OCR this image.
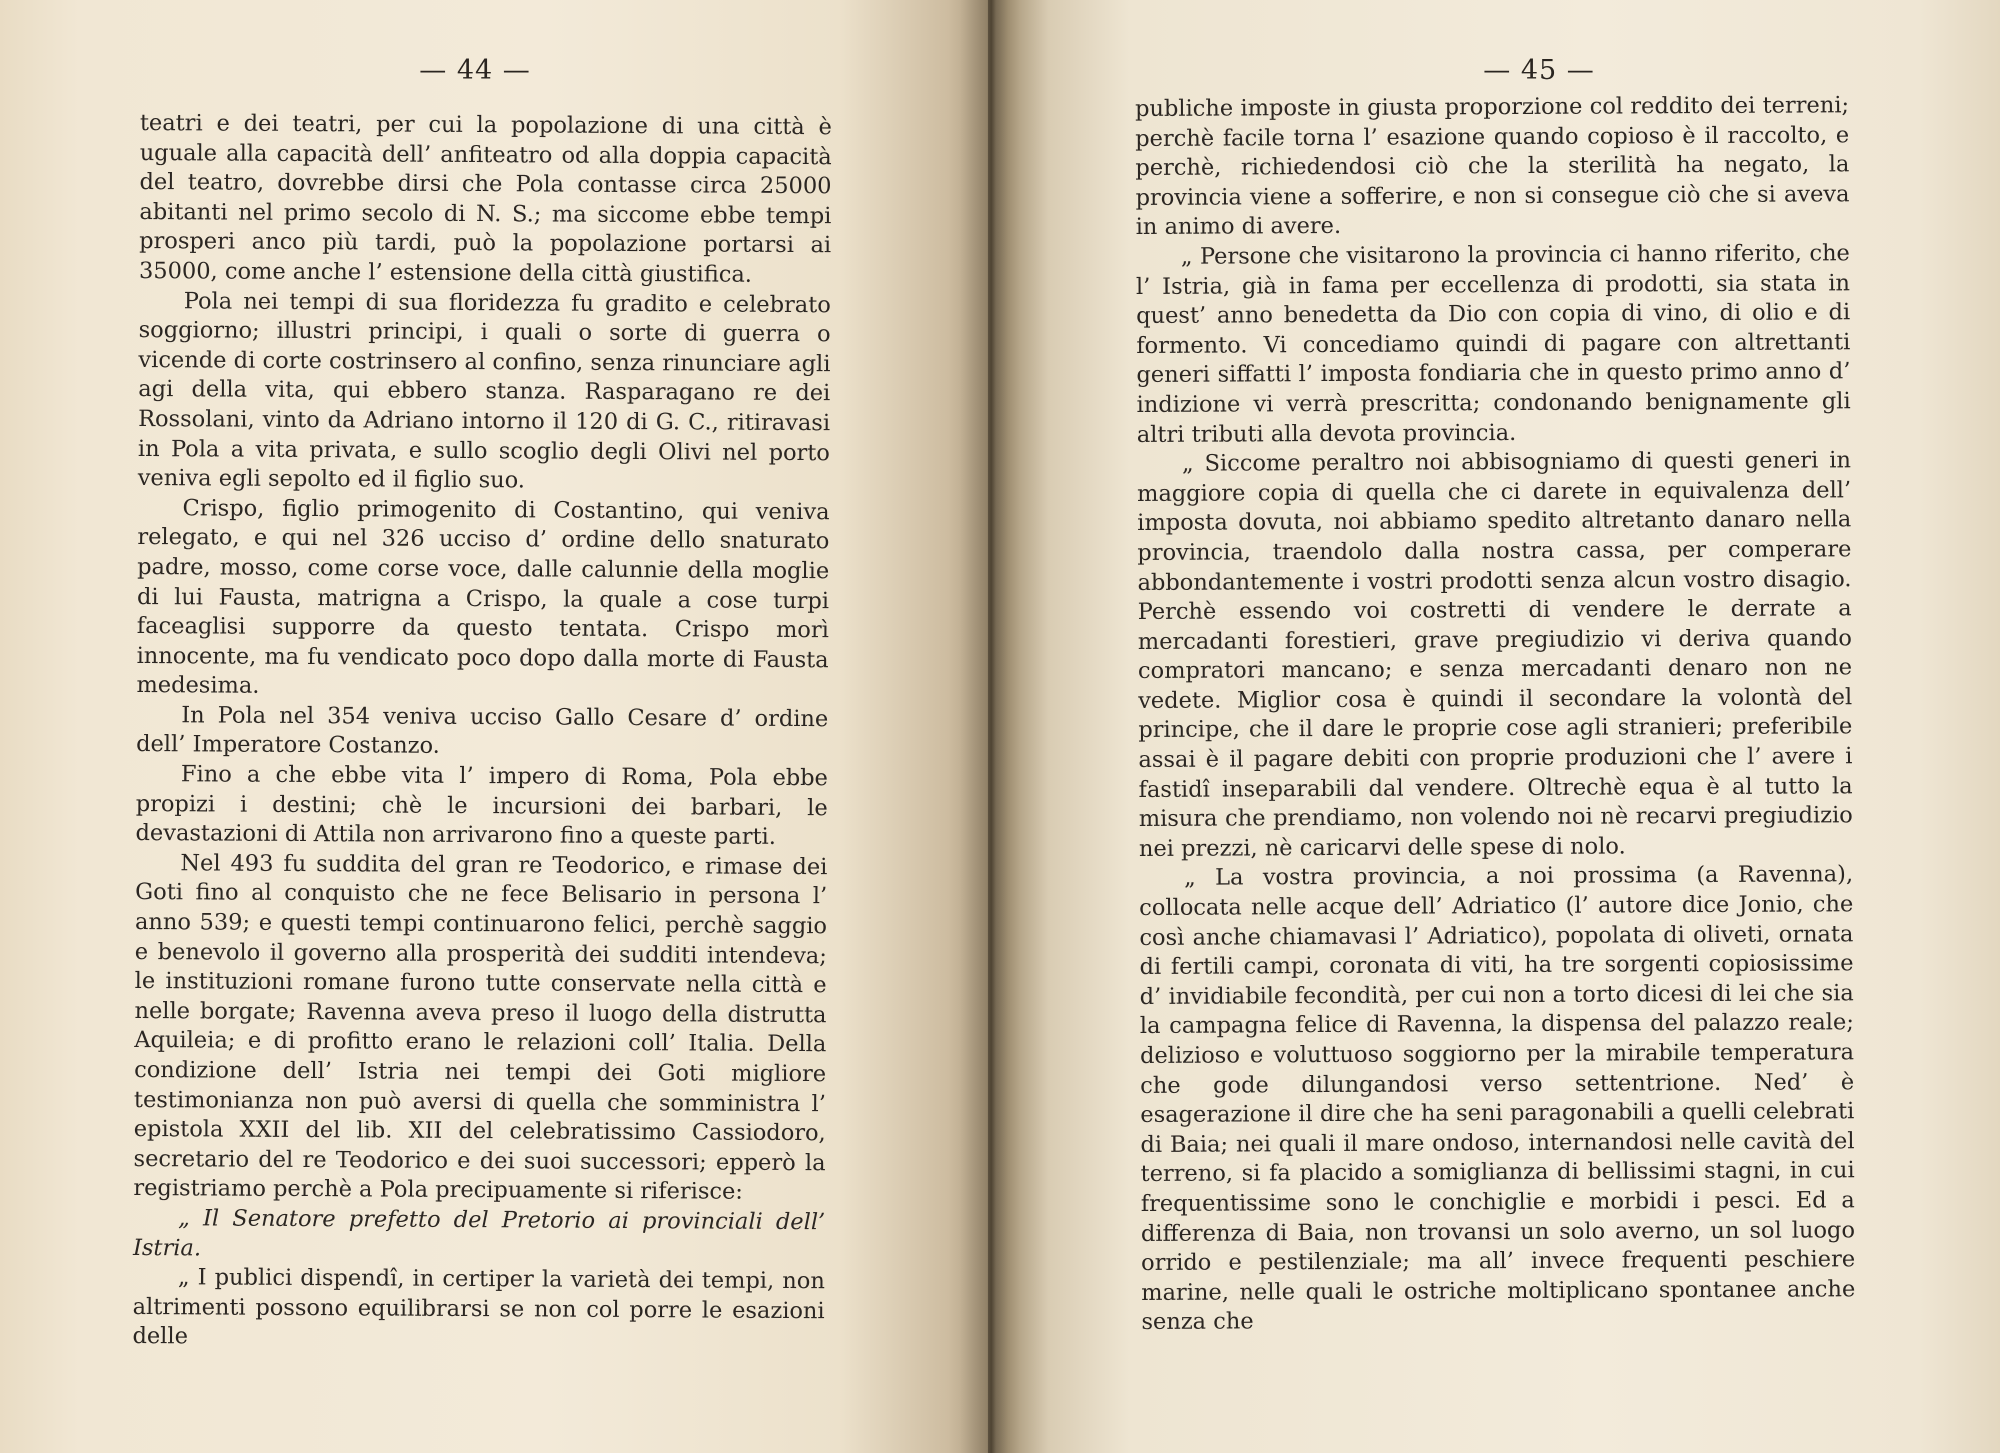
— 44 —

teatri e dei teatri, per cui la popolazione di una città è uguale alla capacità dell’ anfiteatro od alla doppia capacità del teatro, dovrebbe dirsi che Pola contasse circa 25000 abitanti nel primo secolo di N. S.; ma siccome ebbe tempi prosperi anco più tardi, può la popolazione portarsi ai 35000, come anche l’ estensione della città giustifica.

Pola nei tempi di sua floridezza fu gradito e celebrato soggiorno; illustri principi, i quali o sorte di guerra o vicende di corte costrinsero al confino, senza rinunciare agli agi della vita, qui ebbero stanza. Rasparagano re dei Rossolani, vinto da Adriano intorno il 120 di G. C., ritiravasi in Pola a vita privata, e sullo scoglio degli Olivi nel porto veniva egli sepolto ed il figlio suo.

Crispo, figlio primogenito di Costantino, qui veniva relegato, e qui nel 326 ucciso d’ ordine dello snaturato padre, mosso, come corse voce, dalle calunnie della moglie di lui Fausta, matrigna a Crispo, la quale a cose turpi faceaglisi supporre da questo tentata. Crispo morì innocente, ma fu vendicato poco dopo dalla morte di Fausta medesima.

In Pola nel 354 veniva ucciso Gallo Cesare d’ ordine dell’ Imperatore Costanzo.

Fino a che ebbe vita l’ impero di Roma, Pola ebbe propizi i destini; chè le incursioni dei barbari, le devastazioni di Attila non arrivarono fino a queste parti.

Nel 493 fu suddita del gran re Teodorico, e rimase dei Goti fino al conquisto che ne fece Belisario in persona l’ anno 539; e questi tempi continuarono felici, perchè saggio e benevolo il governo alla prosperità dei sudditi intendeva; le instituzioni romane furono tutte conservate nella città e nelle borgate; Ravenna aveva preso il luogo della distrutta Aquileia; e di profitto erano le relazioni coll’ Italia. Della condizione dell’ Istria nei tempi dei Goti migliore testimonianza non può aversi di quella che somministra l’ epistola XXII del lib. XII del celebratissimo Cassiodoro, secretario del re Teodorico e dei suoi successori; epperò la registriamo perchè a Pola precipuamente si riferisce:

„ Il Senatore prefetto del Pretorio ai provinciali dell’ Istria.

„ I publici dispendî, in certiper la varietà dei tempi, non altrimenti possono equilibrarsi se non col porre le esazioni delle

— 45 —

publiche imposte in giusta proporzione col reddito dei terreni; perchè facile torna l’ esazione quando copioso è il raccolto, e perchè, richiedendosi ciò che la sterilità ha negato, la provincia viene a sofferire, e non si consegue ciò che si aveva in animo di avere.

„ Persone che visitarono la provincia ci hanno riferito, che l’ Istria, già in fama per eccellenza di prodotti, sia stata in quest’ anno benedetta da Dio con copia di vino, di olio e di formento. Vi concediamo quindi di pagare con altrettanti generi siffatti l’ imposta fondiaria che in questo primo anno d’ indizione vi verrà prescritta; condonando benignamente gli altri tributi alla devota provincia.

„ Siccome peraltro noi abbisogniamo di questi generi in maggiore copia di quella che ci darete in equivalenza dell’ imposta dovuta, noi abbiamo spedito altretanto danaro nella provincia, traendolo dalla nostra cassa, per comperare abbondantemente i vostri prodotti senza alcun vostro disagio. Perchè essendo voi costretti di vendere le derrate a mercadanti forestieri, grave pregiudizio vi deriva quando compratori mancano; e senza mercadanti denaro non ne vedete. Miglior cosa è quindi il secondare la volontà del principe, che il dare le proprie cose agli stranieri; preferibile assai è il pagare debiti con proprie produzioni che l’ avere i fastidî inseparabili dal vendere. Oltrechè equa è al tutto la misura che prendiamo, non volendo noi nè recarvi pregiudizio nei prezzi, nè caricarvi delle spese di nolo.

„ La vostra provincia, a noi prossima (a Ravenna), collocata nelle acque dell’ Adriatico (l’ autore dice Jonio, che così anche chiamavasi l’ Adriatico), popolata di oliveti, ornata di fertili campi, coronata di viti, ha tre sorgenti copiosissime d’ invidiabile fecondità, per cui non a torto dicesi di lei che sia la campagna felice di Ravenna, la dispensa del palazzo reale; delizioso e voluttuoso soggiorno per la mirabile temperatura che gode dilungandosi verso settentrione. Ned’ è esagerazione il dire che ha seni paragonabili a quelli celebrati di Baia; nei quali il mare ondoso, internandosi nelle cavità del terreno, si fa placido a somiglianza di bellissimi stagni, in cui frequentissime sono le conchiglie e morbidi i pesci. Ed a differenza di Baia, non trovansi un solo averno, un sol luogo orrido e pestilenziale; ma all’ invece frequenti peschiere marine, nelle quali le ostriche moltiplicano spontanee anche senza che
